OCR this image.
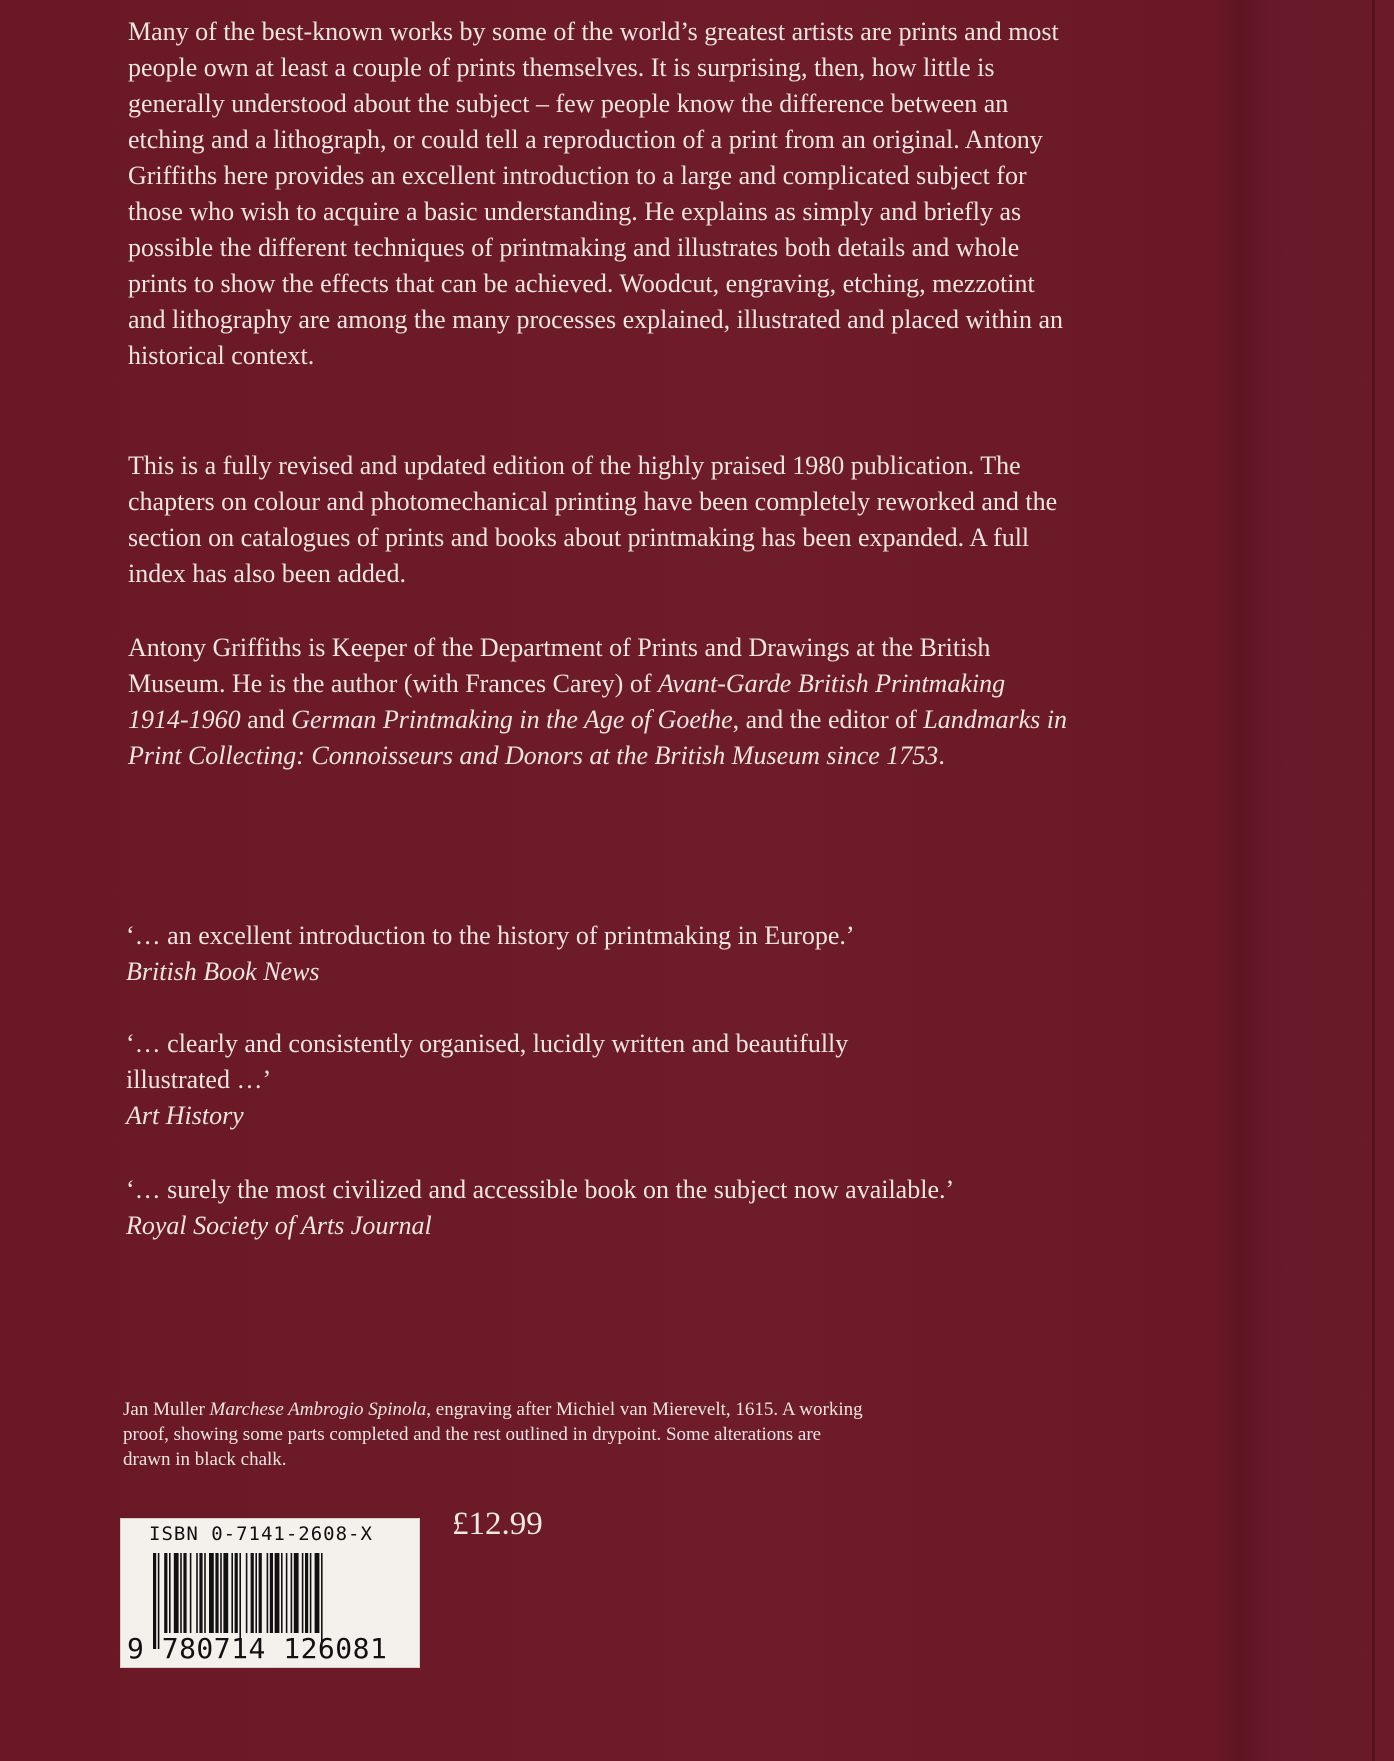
Many of the best-known works by some of the world’s greatest artists are prints and most people own at least a couple of prints themselves. It is surprising, then, how little is generally understood about the subject – few people know the difference between an etching and a lithograph, or could tell a reproduction of a print from an original. Antony Griffiths here provides an excellent introduction to a large and complicated subject for those who wish to acquire a basic understanding. He explains as simply and briefly as possible the different techniques of printmaking and illustrates both details and whole prints to show the effects that can be achieved. Woodcut, engraving, etching, mezzotint and lithography are among the many processes explained, illustrated and placed within an historical context.

This is a fully revised and updated edition of the highly praised 1980 publication. The chapters on colour and photomechanical printing have been completely reworked and the section on catalogues of prints and books about printmaking has been expanded. A full index has also been added.

Antony Griffiths is Keeper of the Department of Prints and Drawings at the British Museum. He is the author (with Frances Carey) of Avant-Garde British Printmaking 1914-1960 and German Printmaking in the Age of Goethe, and the editor of Landmarks in Print Collecting: Connoisseurs and Donors at the British Museum since 1753.

‘… an excellent introduction to the history of printmaking in Europe.’
British Book News
‘… clearly and consistently organised, lucidly written and beautifully illustrated …’
Art History
‘… surely the most civilized and accessible book on the subject now available.’
Royal Society of Arts Journal

Jan Muller Marchese Ambrogio Spinola, engraving after Michiel van Mierevelt, 1615. A working proof, showing some parts completed and the rest outlined in drypoint. Some alterations are drawn in black chalk.

ISBN 0-7141-2608-X
9 780714 126081
£12.99
